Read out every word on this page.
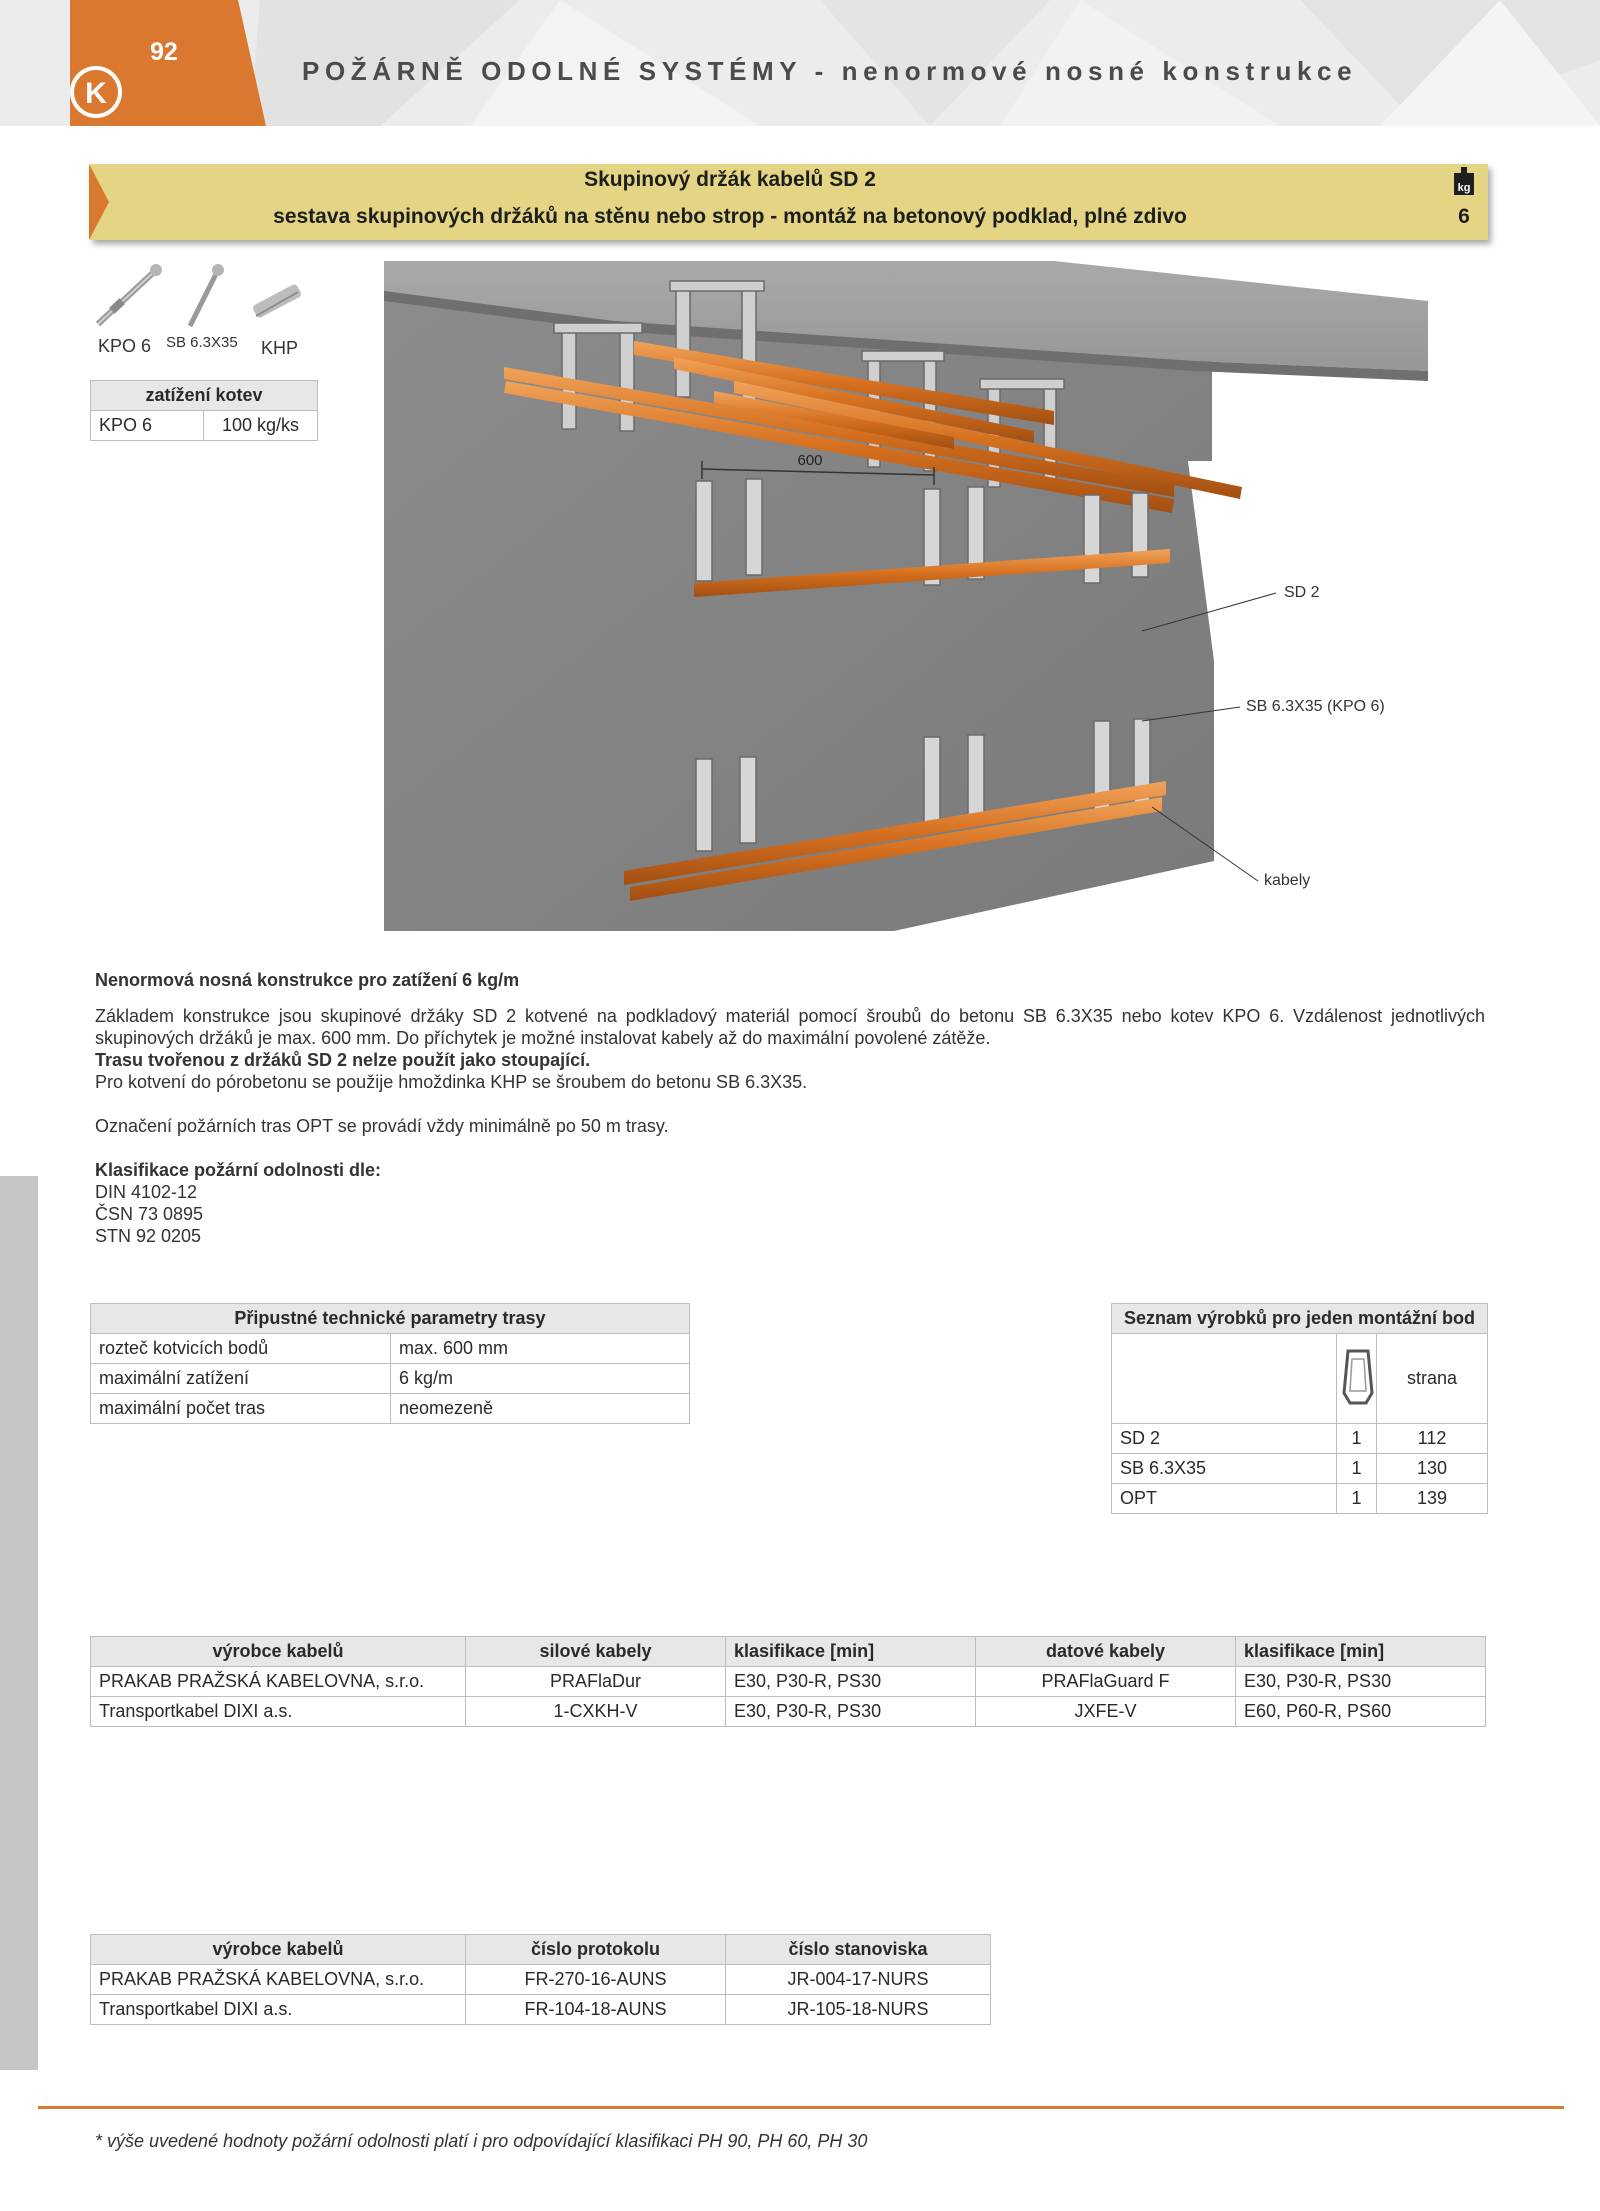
K
92
POŽÁRNĚ ODOLNÉ SYSTÉMY - nenormové nosné konstrukce
Skupinový držák kabelů SD 2
sestava skupinových držáků na stěnu nebo strop - montáž na betonový podklad, plné zdivo
kg
6
KPO 6 SB 6.3X35 KHP
zatížení kotev
KPO 6	100 kg/ks
600
SD 2
SB 6.3X35 (KPO 6)
kabely
Nenormová nosná konstrukce pro zatížení 6 kg/m
Základem konstrukce jsou skupinové držáky SD 2 kotvené na podkladový materiál pomocí šroubů do betonu SB 6.3X35 nebo kotev KPO 6. Vzdálenost jednotlivých skupinových držáků je max. 600 mm. Do příchytek je možné instalovat kabely až do maximální povolené zátěže.
Trasu tvořenou z držáků SD 2 nelze použít jako stoupající.
Pro kotvení do pórobetonu se použije hmoždinka KHP se šroubem do betonu SB 6.3X35.
Označení požárních tras OPT se provádí vždy minimálně po 50 m trasy.
Klasifikace požární odolnosti dle:
DIN 4102-12
ČSN 73 0895
STN 92 0205
Připustné technické parametry trasy	
rozteč kotvicích bodů	max. 600 mm
maximální zatížení	6 kg/m
maximální počet tras	neomezeně
Seznam výrobků pro jeden montážní bod		
		strana
SD 2	1	112
SB 6.3X35	1	130
OPT	1	139
výrobce kabelů	silové kabely	klasifikace [min]	datové kabely	klasifikace [min]
PRAKAB PRAŽSKÁ KABELOVNA, s.r.o.	PRAFlaDur	E30, P30-R, PS30	PRAFlaGuard F	E30, P30-R, PS30
Transportkabel DIXI a.s.	1-CXKH-V	E30, P30-R, PS30	JXFE-V	E60, P60-R, PS60
výrobce kabelů	číslo protokolu	číslo stanoviska
PRAKAB PRAŽSKÁ KABELOVNA, s.r.o.	FR-270-16-AUNS	JR-004-17-NURS
Transportkabel DIXI a.s.	FR-104-18-AUNS	JR-105-18-NURS
* výše uvedené hodnoty požární odolnosti platí i pro odpovídající klasifikaci PH 90, PH 60, PH 30
